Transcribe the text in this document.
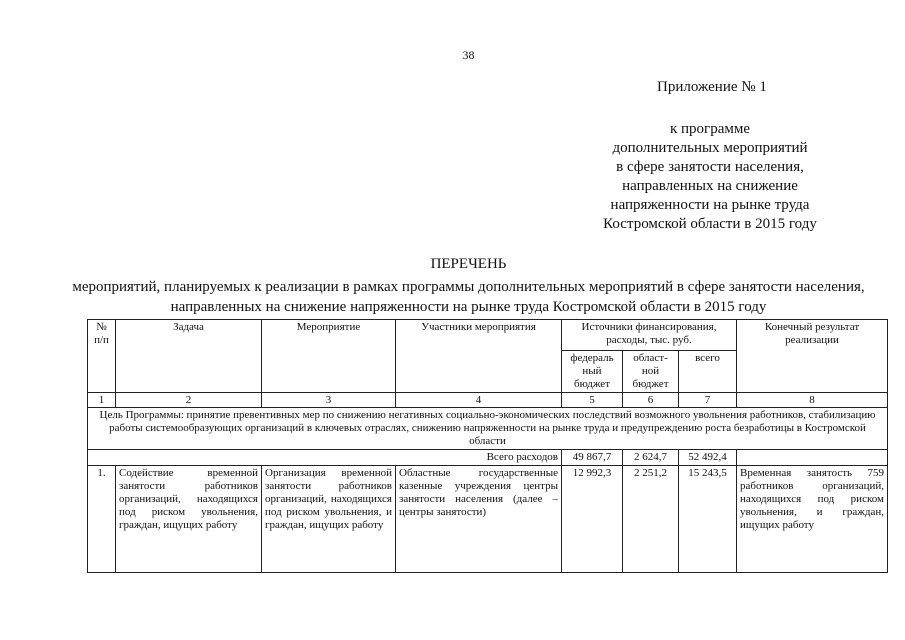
38
Приложение № 1
к программе
дополнительных мероприятий
в сфере занятости населения,
направленных на снижение
напряженности на рынке труда
Костромской области в 2015 году
ПЕРЕЧЕНЬ
мероприятий, планируемых к реализации в рамках программы дополнительных мероприятий в сфере занятости населения, направленных на снижение напряженности на рынке труда Костромской области в 2015 году
№ п/п	Задача	Мероприятие	Участники мероприятия	Источники финансирования, расходы, тыс. руб.			Конечный результат реализации
				федераль ный бюджет	област- ной бюджет	всего	
1	2	3	4	5	6	7	8
Цель Программы: принятие превентивных мер по снижению негативных социально-экономических последствий возможного увольнения работников, стабилизацию работы системообразующих организаций в ключевых отраслях, снижению напряженности на рынке труда и предупреждению роста безработицы в Костромской области							
Всего расходов				49 867,7	2 624,7	52 492,4	
1.	Содействие временной занятости работников организаций, находящихся под риском увольнения, граждан, ищущих работу	Организация временной занятости работников организаций, находящихся под риском увольнения, и граждан, ищущих работу	Областные государственные казенные учреждения центры занятости населения (далее – центры занятости)	12 992,3	2 251,2	15 243,5	Временная занятость 759 работников организаций, находящихся под риском увольнения, и граждан, ищущих работу
